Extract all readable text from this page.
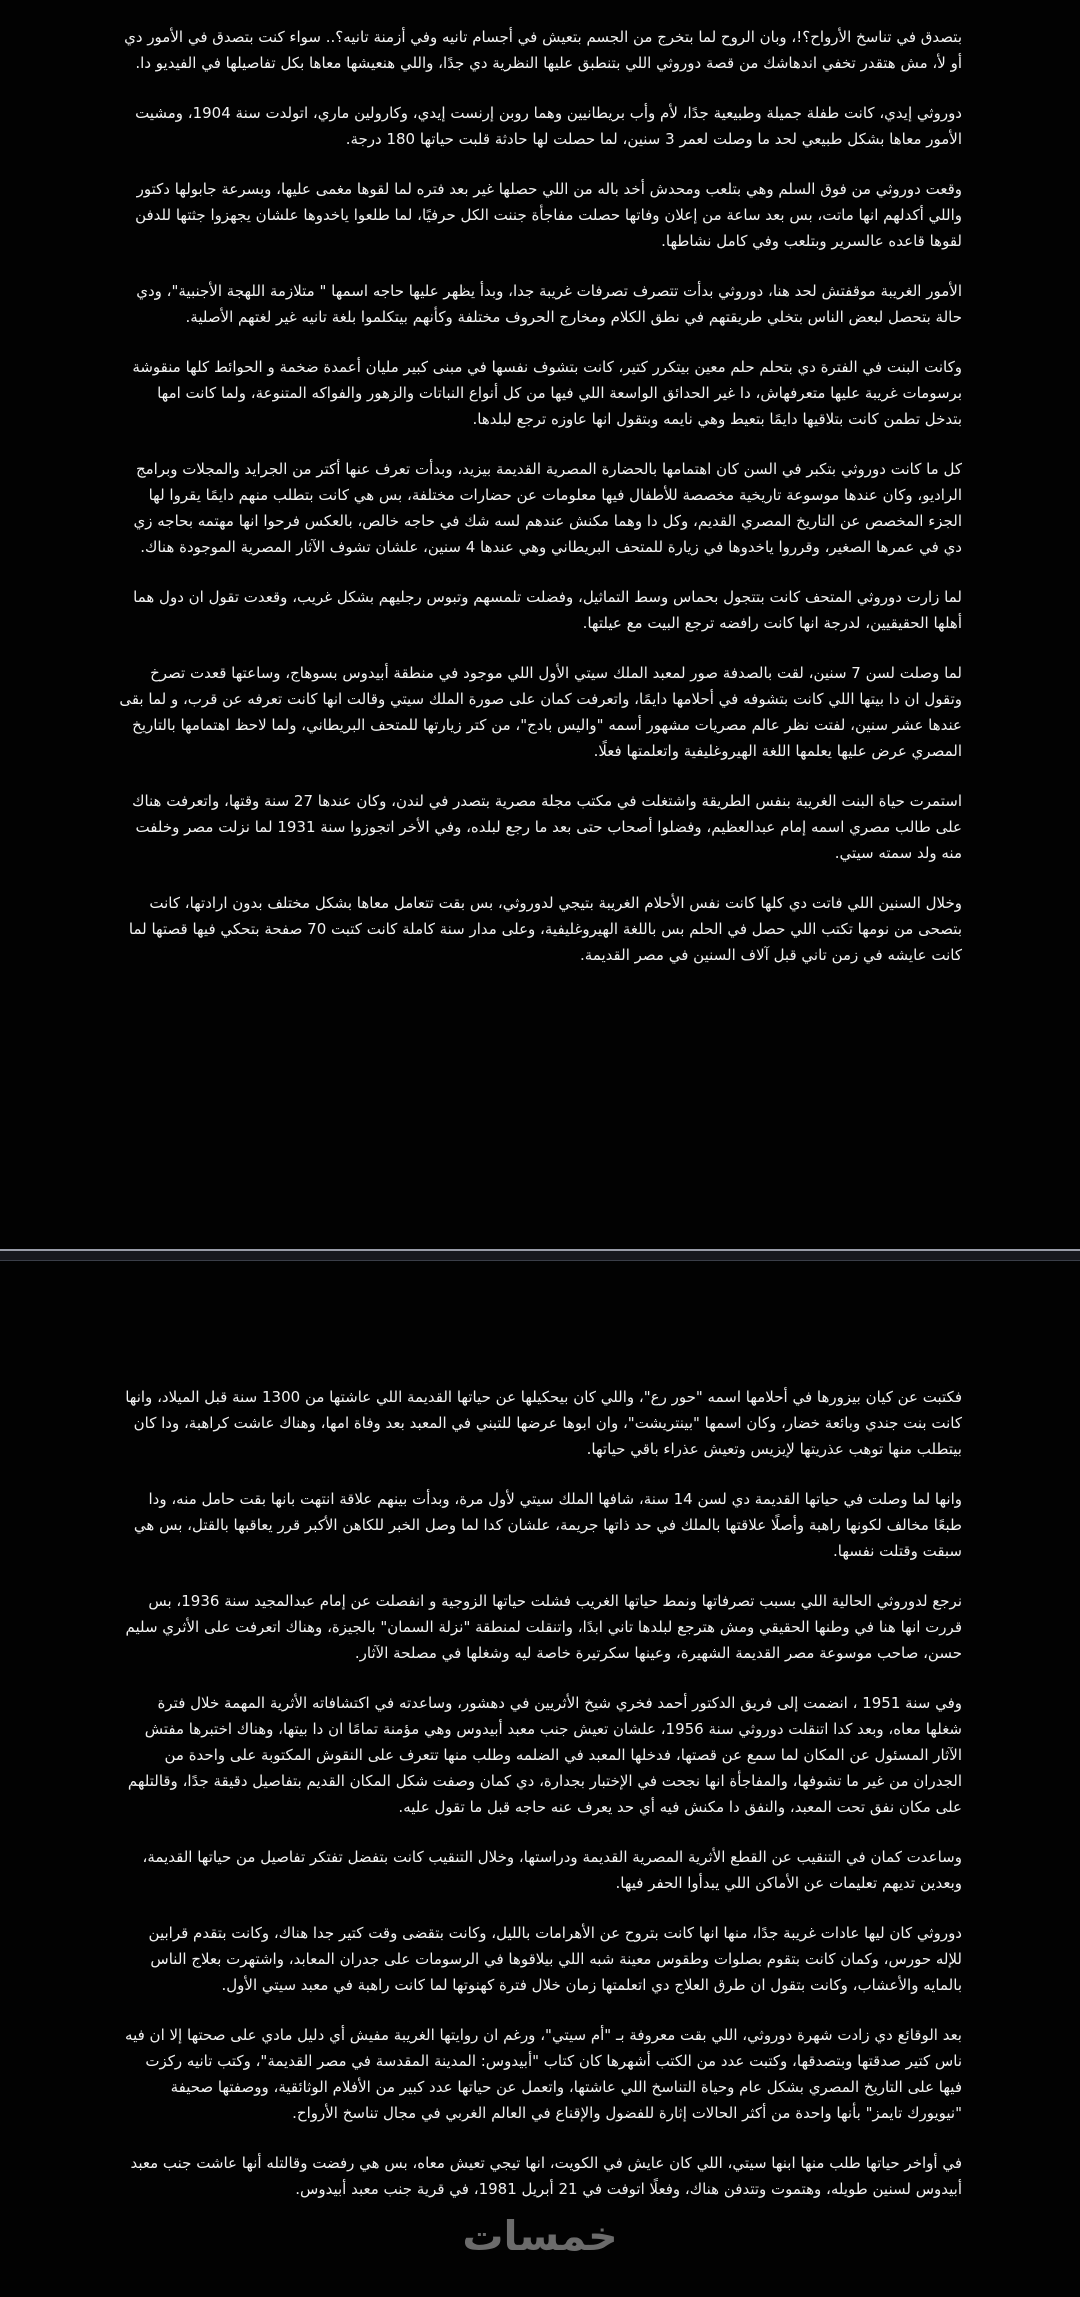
بتصدق في تناسخ الأرواح؟!، وبان الروح لما بتخرج من الجسم بتعيش في أجسام تانيه وفي أزمنة تانيه؟.. سواء كنت بتصدق في الأمور دي أو لأ، مش هتقدر تخفي اندهاشك من قصة دوروثي اللي بتنطبق عليها النظرية دي جدًا، واللي هنعيشها معاها بكل تفاصيلها في الفيديو دا.

دوروثي إيدي، كانت طفلة جميلة وطبيعية جدًا، لأم وأب بريطانيين وهما روبن إرنست إيدي، وكارولين ماري، اتولدت سنة 1904، ومشيت الأمور معاها بشكل طبيعي لحد ما وصلت لعمر 3 سنين، لما حصلت لها حادثة قلبت حياتها 180 درجة.

وقعت دوروثي من فوق السلم وهي بتلعب ومحدش أخد باله من اللي حصلها غير بعد فتره لما لقوها مغمى عليها، وبسرعة جابولها دكتور واللي أكدلهم انها ماتت، بس بعد ساعة من إعلان وفاتها حصلت مفاجأة جننت الكل حرفيًا، لما طلعوا ياخدوها علشان يجهزوا جثتها للدفن لقوها قاعده عالسرير وبتلعب وفي كامل نشاطها.

الأمور الغريبة موقفتش لحد هنا، دوروثي بدأت تتصرف تصرفات غريبة جدا، وبدأ يظهر عليها حاجه اسمها " متلازمة اللهجة الأجنبية"، ودي حالة بتحصل لبعض الناس بتخلي طريقتهم في نطق الكلام ومخارج الحروف مختلفة وكأنهم بيتكلموا بلغة تانيه غير لغتهم الأصلية.

وكانت البنت في الفترة دي بتحلم حلم معين بيتكرر كتير، كانت بتشوف نفسها في مبنى كبير مليان أعمدة ضخمة و الحوائط كلها منقوشة برسومات غريبة عليها متعرفهاش، دا غير الحدائق الواسعة اللي فيها من كل أنواع النباتات والزهور والفواكه المتنوعة، ولما كانت امها بتدخل تطمن كانت بتلاقيها دايمًا بتعيط وهي نايمه وبتقول انها عاوزه ترجع لبلدها.

كل ما كانت دوروثي بتكبر في السن كان اهتمامها بالحضارة المصرية القديمة بيزيد، وبدأت تعرف عنها أكتر من الجرايد والمجلات وبرامج الراديو، وكان عندها موسوعة تاريخية مخصصة للأطفال فيها معلومات عن حضارات مختلفة، بس هي كانت بتطلب منهم دايمًا يقروا لها الجزء المخصص عن التاريخ المصري القديم، وكل دا وهما مكنش عندهم لسه شك في حاجه خالص، بالعكس فرحوا انها مهتمه بحاجه زي دي في عمرها الصغير، وقرروا ياخدوها في زيارة للمتحف البريطاني وهي عندها 4 سنين، علشان تشوف الآثار المصرية الموجودة هناك.

لما زارت دوروثي المتحف كانت بتتجول بحماس وسط التماثيل، وفضلت تلمسهم وتبوس رجليهم بشكل غريب، وقعدت تقول ان دول هما أهلها الحقيقيين، لدرجة انها كانت رافضه ترجع البيت مع عيلتها.

لما وصلت لسن 7 سنين، لقت بالصدفة صور لمعبد الملك سيتي الأول اللي موجود في منطقة أبيدوس بسوهاج، وساعتها قعدت تصرخ وتقول ان دا بيتها اللي كانت بتشوفه في أحلامها دايمًا، واتعرفت كمان على صورة الملك سيتي وقالت انها كانت تعرفه عن قرب، و لما بقى عندها عشر سنين، لفتت نظر عالم مصريات مشهور أسمه "واليس بادج"، من كتر زيارتها للمتحف البريطاني، ولما لاحظ اهتمامها بالتاريخ المصري عرض عليها يعلمها اللغة الهيروغليفية واتعلمتها فعلًا.

استمرت حياة البنت الغريبة بنفس الطريقة واشتغلت في مكتب مجلة مصرية بتصدر في لندن، وكان عندها 27 سنة وقتها، واتعرفت هناك على طالب مصري اسمه إمام عبدالعظيم، وفضلوا أصحاب حتى بعد ما رجع لبلده، وفي الأخر اتجوزوا سنة 1931 لما نزلت مصر وخلفت منه ولد سمته سيتي.

وخلال السنين اللي فاتت دي كلها كانت نفس الأحلام الغريبة بتيجي لدوروثي، بس بقت تتعامل معاها بشكل مختلف بدون ارادتها، كانت بتصحى من نومها تكتب اللي حصل في الحلم بس باللغة الهيروغليفية، وعلى مدار سنة كاملة كانت كتبت 70 صفحة بتحكي فيها قصتها لما كانت عايشه في زمن تاني قبل آلاف السنين في مصر القديمة.

فكتبت عن كيان بيزورها في أحلامها اسمه "حور رع"، واللي كان بيحكيلها عن حياتها القديمة اللي عاشتها من 1300 سنة قبل الميلاد، وانها كانت بنت جندي وبائعة خضار، وكان اسمها "بينتريشت"، وان ابوها عرضها للتبني في المعبد بعد وفاة امها، وهناك عاشت كراهبة، ودا كان بيتطلب منها توهب عذريتها لإيزيس وتعيش عذراء باقي حياتها.

وانها لما وصلت في حياتها القديمة دي لسن 14 سنة، شافها الملك سيتي لأول مرة، وبدأت بينهم علاقة انتهت بانها بقت حامل منه، ودا طبعًا مخالف لكونها راهبة وأصلًا علاقتها بالملك في حد ذاتها جريمة، علشان كدا لما وصل الخبر للكاهن الأكبر قرر يعاقبها بالقتل، بس هي سبقت وقتلت نفسها.

نرجع لدوروثي الحالية اللي بسبب تصرفاتها ونمط حياتها الغريب فشلت حياتها الزوجية و انفصلت عن إمام عبدالمجيد سنة 1936، بس قررت انها هنا في وطنها الحقيقي ومش هترجع لبلدها تاني ابدًا، واتنقلت لمنطقة "نزلة السمان" بالجيزة، وهناك اتعرفت على الأثري سليم حسن، صاحب موسوعة مصر القديمة الشهيرة، وعينها سكرتيرة خاصة ليه وشغلها في مصلحة الآثار.

وفي سنة 1951 ، انضمت إلى فريق الدكتور أحمد فخري شيخ الأثريين في دهشور، وساعدته في اكتشافاته الأثرية المهمة خلال فترة شغلها معاه، وبعد كدا اتنقلت دوروثي سنة 1956، علشان تعيش جنب معبد أبيدوس وهي مؤمنة تمامًا ان دا بيتها، وهناك اختبرها مفتش الآثار المسئول عن المكان لما سمع عن قصتها، فدخلها المعبد في الضلمه وطلب منها تتعرف على النقوش المكتوبة على واحدة من الجدران من غير ما تشوفها، والمفاجأة انها نجحت في الإختبار بجدارة، دي كمان وصفت شكل المكان القديم بتفاصيل دقيقة جدًا، وقالتلهم على مكان نفق تحت المعبد، والنفق دا مكنش فيه أي حد يعرف عنه حاجه قبل ما تقول عليه.

وساعدت كمان في التنقيب عن القطع الأثرية المصرية القديمة ودراستها، وخلال التنقيب كانت بتفضل تفتكر تفاصيل من حياتها القديمة، وبعدين تديهم تعليمات عن الأماكن اللي يبدأوا الحفر فيها.

دوروثي كان ليها عادات غريبة جدًا، منها انها كانت بتروح عن الأهرامات بالليل، وكانت بتقضى وقت كتير جدا هناك، وكانت بتقدم قرابين للإله حورس، وكمان كانت بتقوم بصلوات وطقوس معينة شبه اللي بيلاقوها في الرسومات على جدران المعابد، واشتهرت بعلاج الناس بالمايه والأعشاب، وكانت بتقول ان طرق العلاج دي اتعلمتها زمان خلال فترة كهنوتها لما كانت راهبة في معبد سيتي الأول.

بعد الوقائع دي زادت شهرة دوروثي، اللي بقت معروفة بـ "أم سيتي"، ورغم ان روايتها الغريبة مفيش أي دليل مادي على صحتها إلا ان فيه ناس كتير صدقتها وبتصدقها، وكتبت عدد من الكتب أشهرها كان كتاب "أبيدوس: المدينة المقدسة في مصر القديمة"، وكتب تانيه ركزت فيها على التاريخ المصري بشكل عام وحياة التناسخ اللي عاشتها، واتعمل عن حياتها عدد كبير من الأفلام الوثائقية، ووصفتها صحيفة "نيويورك تايمز" بأنها واحدة من أكثر الحالات إثارة للفضول والإقناع في العالم الغربي في مجال تناسخ الأرواح.

في أواخر حياتها طلب منها ابنها سيتي، اللي كان عايش في الكويت، انها تيجي تعيش معاه، بس هي رفضت وقالتله أنها عاشت جنب معبد أبيدوس لسنين طويله، وهتموت وتتدفن هناك، وفعلًا اتوفت في 21 أبريل 1981، في قرية جنب معبد أبيدوس.

خمسات
